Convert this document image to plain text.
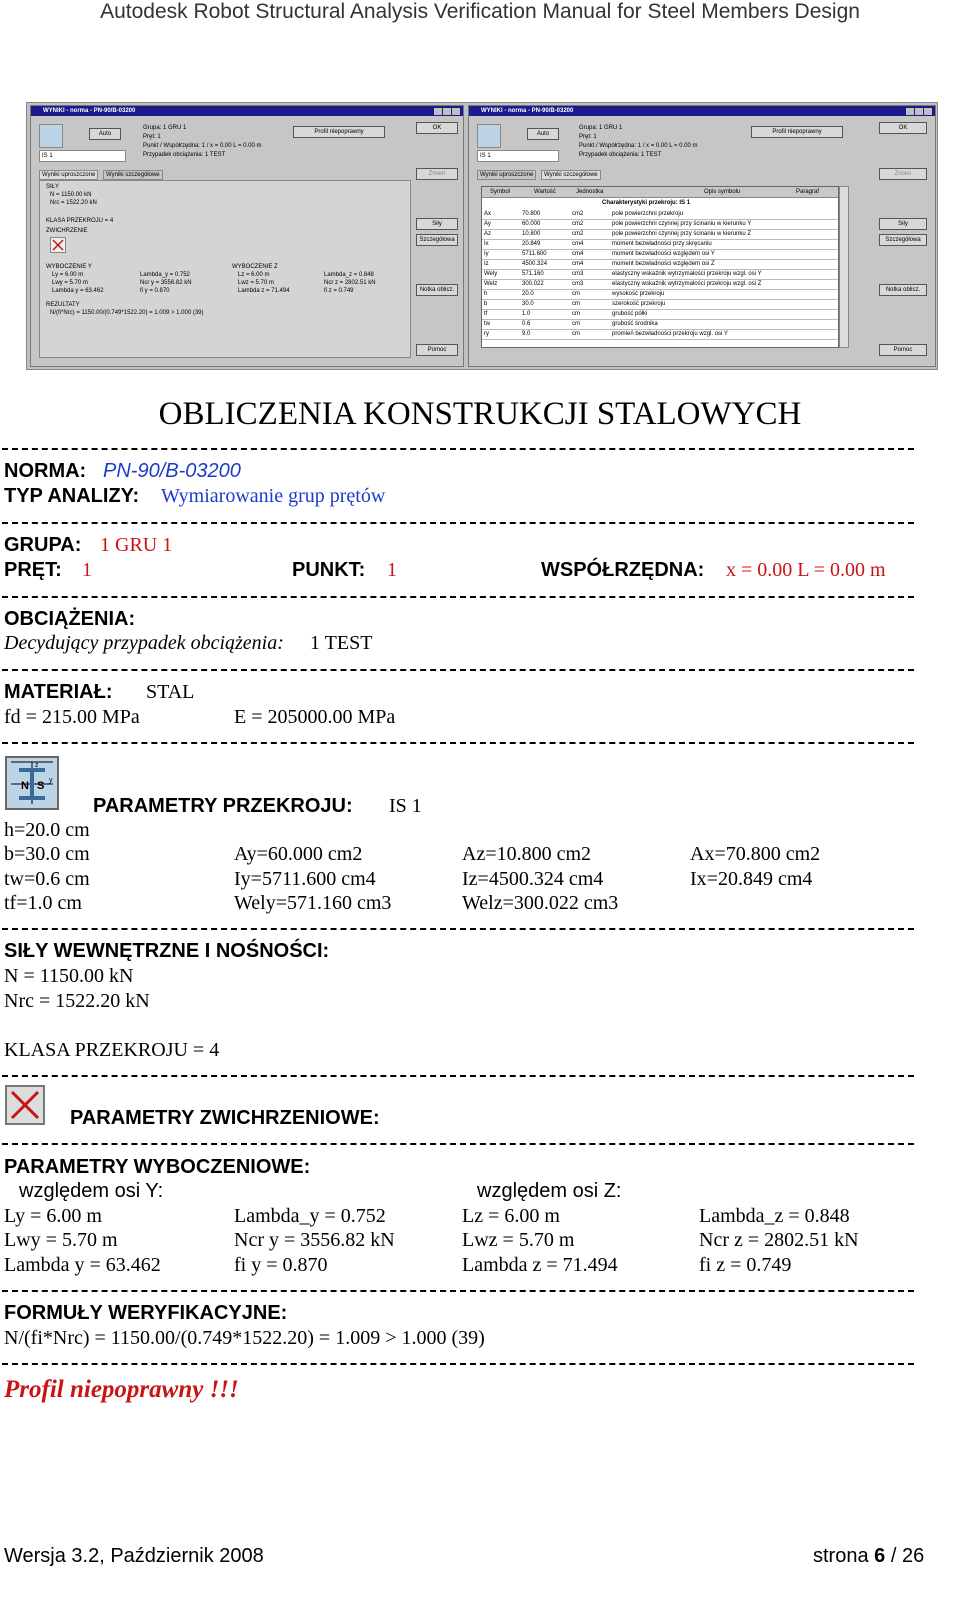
Autodesk Robot Structural Analysis Verification Manual for Steel Members Design
WYNIKI - norma - PN-90/B-03200
Auto
Grupa: 1 GRU 1
Pręt: 1
Punkt / Współrzędna: 1 / x = 0.00 L = 0.00 m
Przypadek obciążenia: 1 TEST
Profil niepoprawny
OK
IS 1
Zmień
Wyniki uproszczone	Wyniki szczegółowe
SIŁY
N = 1150.00 kN
Nrc = 1522.20 kN
KLASA PRZEKROJU = 4
ZWICHRZENIE
WYBOCZENIE Y
Ly = 6.00 m
Lwy = 5.70 m
Lambda y = 63.462
Lambda_y = 0.752
Ncr y = 3556.82 kN
fi y = 0.870
WYBOCZENIE Z
Lz = 6.00 m
Lwz = 5.70 m
Lambda z = 71.494
Lambda_z = 0.848
Ncr z = 2802.51 kN
fi z = 0.749
REZULTATY
N/(fi*Nrc) = 1150.00/(0.749*1522.20) = 1.009 > 1.000 (39)
Siły
Szczegółowa
Notka oblicz.
Pomoc
WYNIKI - norma - PN-90/B-03200
Auto
Grupa: 1 GRU 1
Pręt: 1
Punkt / Współrzędna: 1 / x = 0.00 L = 0.00 m
Przypadek obciążenia: 1 TEST
Profil niepoprawny
OK
IS 1
Zmień
Wyniki uproszczone	Wyniki szczegółowe
Symbol	Wartość	Jednostka	Opis symbolu	Paragraf
Charakterystyki przekroju: IS 1
Ax	70.800	cm2	pole powierzchni przekroju
Ay	60.000	cm2	pole powierzchni czynnej przy ścinaniu w kierunku Y
Az	10.800	cm2	pole powierzchni czynnej przy ścinaniu w kierunku Z
Ix	20.849	cm4	moment bezwładności przy skręcaniu
Iy	5711.600	cm4	moment bezwładności względem osi Y
Iz	4500.324	cm4	moment bezwładności względem osi Z
Wely	571.160	cm3	elastyczny wskaźnik wytrzymałości przekroju wzgl. osi Y
Welz	300.022	cm3	elastyczny wskaźnik wytrzymałości przekroju wzgl. osi Z
h	20.0	cm	wysokość przekroju
b	30.0	cm	szerokość przekroju
tf	1.0	cm	grubość półki
tw	0.6	cm	grubość środnika
ry	9.0	cm	promień bezwładności przekroju wzgl. osi Y
Siły
Szczegółowa
Notka oblicz.
Pomoc
OBLICZENIA KONSTRUKCJI STALOWYCH
NORMA: PN-90/B-03200
TYP ANALIZY: Wymiarowanie grup prętów
GRUPA: 1 GRU 1
PRĘT: 1	PUNKT: 1	WSPÓŁRZĘDNA: x = 0.00 L = 0.00 m
OBCIĄŻENIA:
Decydujący przypadek obciążenia: 1 TEST
MATERIAŁ: STAL
fd = 215.00 MPa	E = 205000.00 MPa
N S
z
y
PARAMETRY PRZEKROJU: IS 1
h=20.0 cm
b=30.0 cm	Ay=60.000 cm2	Az=10.800 cm2	Ax=70.800 cm2
tw=0.6 cm	Iy=5711.600 cm4	Iz=4500.324 cm4	Ix=20.849 cm4
tf=1.0 cm	Wely=571.160 cm3	Welz=300.022 cm3
SIŁY WEWNĘTRZNE I NOŚNOŚCI:
N = 1150.00 kN
Nrc = 1522.20 kN
KLASA PRZEKROJU = 4
PARAMETRY ZWICHRZENIOWE:
PARAMETRY WYBOCZENIOWE:
względem osi Y:	względem osi Z:
Ly = 6.00 m	Lambda_y = 0.752	Lz = 6.00 m	Lambda_z = 0.848
Lwy = 5.70 m	Ncr y = 3556.82 kN	Lwz = 5.70 m	Ncr z = 2802.51 kN
Lambda y = 63.462	fi y = 0.870	Lambda z = 71.494	fi z = 0.749
FORMUŁY WERYFIKACYJNE:
N/(fi*Nrc) = 1150.00/(0.749*1522.20) = 1.009 > 1.000 (39)
Profil niepoprawny !!!
Wersja 3.2, Październik 2008	strona 6 / 26
